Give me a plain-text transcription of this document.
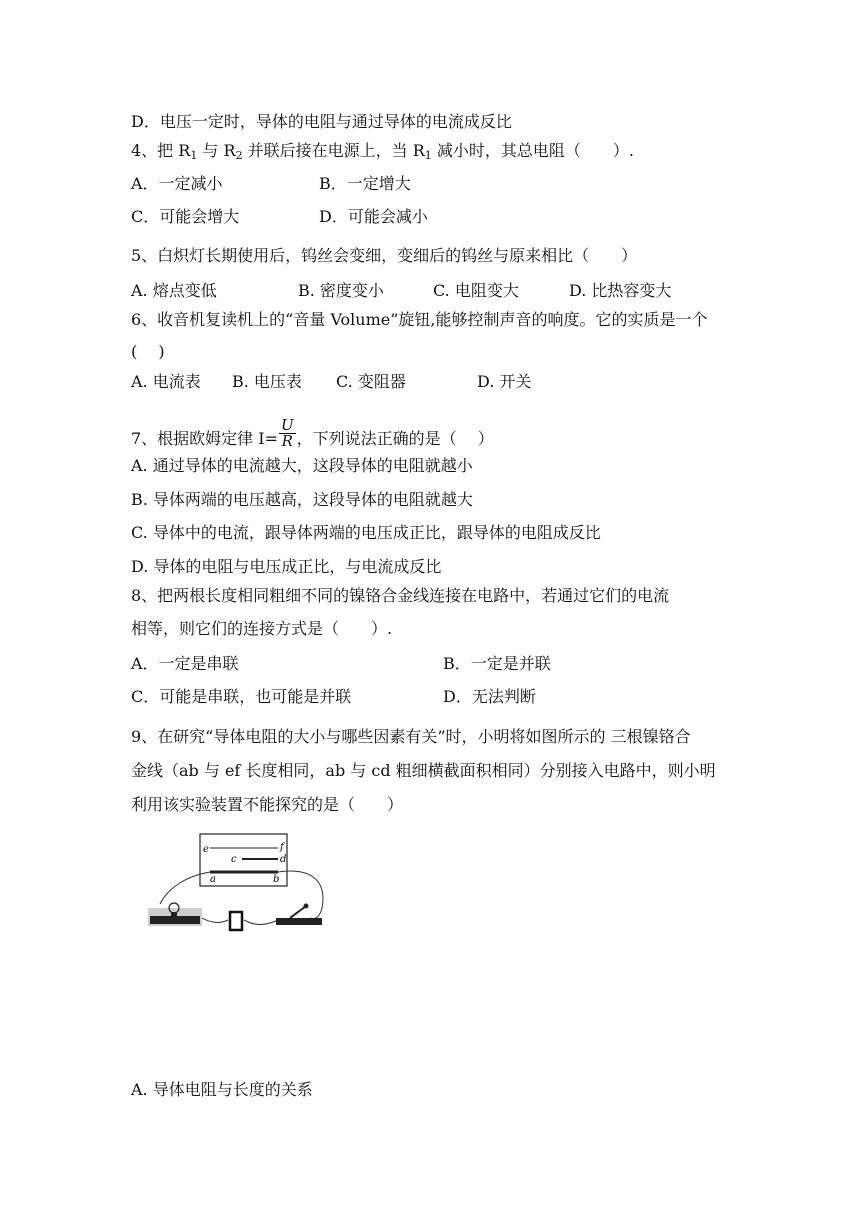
D．电压一定时，导体的电阻与通过导体的电流成反比
4、把 $R_1$ 与 $R_2$ 并联后接在电源上，当 $R_1$ 减小时，其总电阻（　　）.
A．一定减小	B．一定增大
C．可能会增大	D．可能会减小
5、白炽灯长期使用后，钨丝会变细，变细后的钨丝与原来相比（　　）
A. 熔点变低	B. 密度变小	C. 电阻变大	D. 比热容变大
6、收音机复读机上的“音量 Volume”旋钮,能够控制声音的响度。它的实质是一个
(　 )
A. 电流表 B. 电压表 C. 变阻器	D. 开关
7、根据欧姆定律 $I= \frac{U}{R}$ ，下列说法正确的是（　 ）
A. 通过导体的电流越大，这段导体的电阻就越小
B. 导体两端的电压越高，这段导体的电阻就越大
C. 导体中的电流，跟导体两端的电压成正比，跟导体的电阻成反比
D. 导体的电阻与电压成正比，与电流成反比
8、把两根长度相同粗细不同的镍铬合金线连接在电路中，若通过它们的电流
相等，则它们的连接方式是（　　）.
A．一定是串联	B．一定是并联
C．可能是串联，也可能是并联	D．无法判断
9、在研究“导体电阻的大小与哪些因素有关”时，小明将如图所示的 三根镍铬合
金线（ab 与 ef 长度相同，ab 与 cd 粗细横截面积相同）分别接入电路中，则小明
利用该实验装置不能探究的是（　　）
e	f
c	d
a	b
A. 导体电阻与长度的关系
